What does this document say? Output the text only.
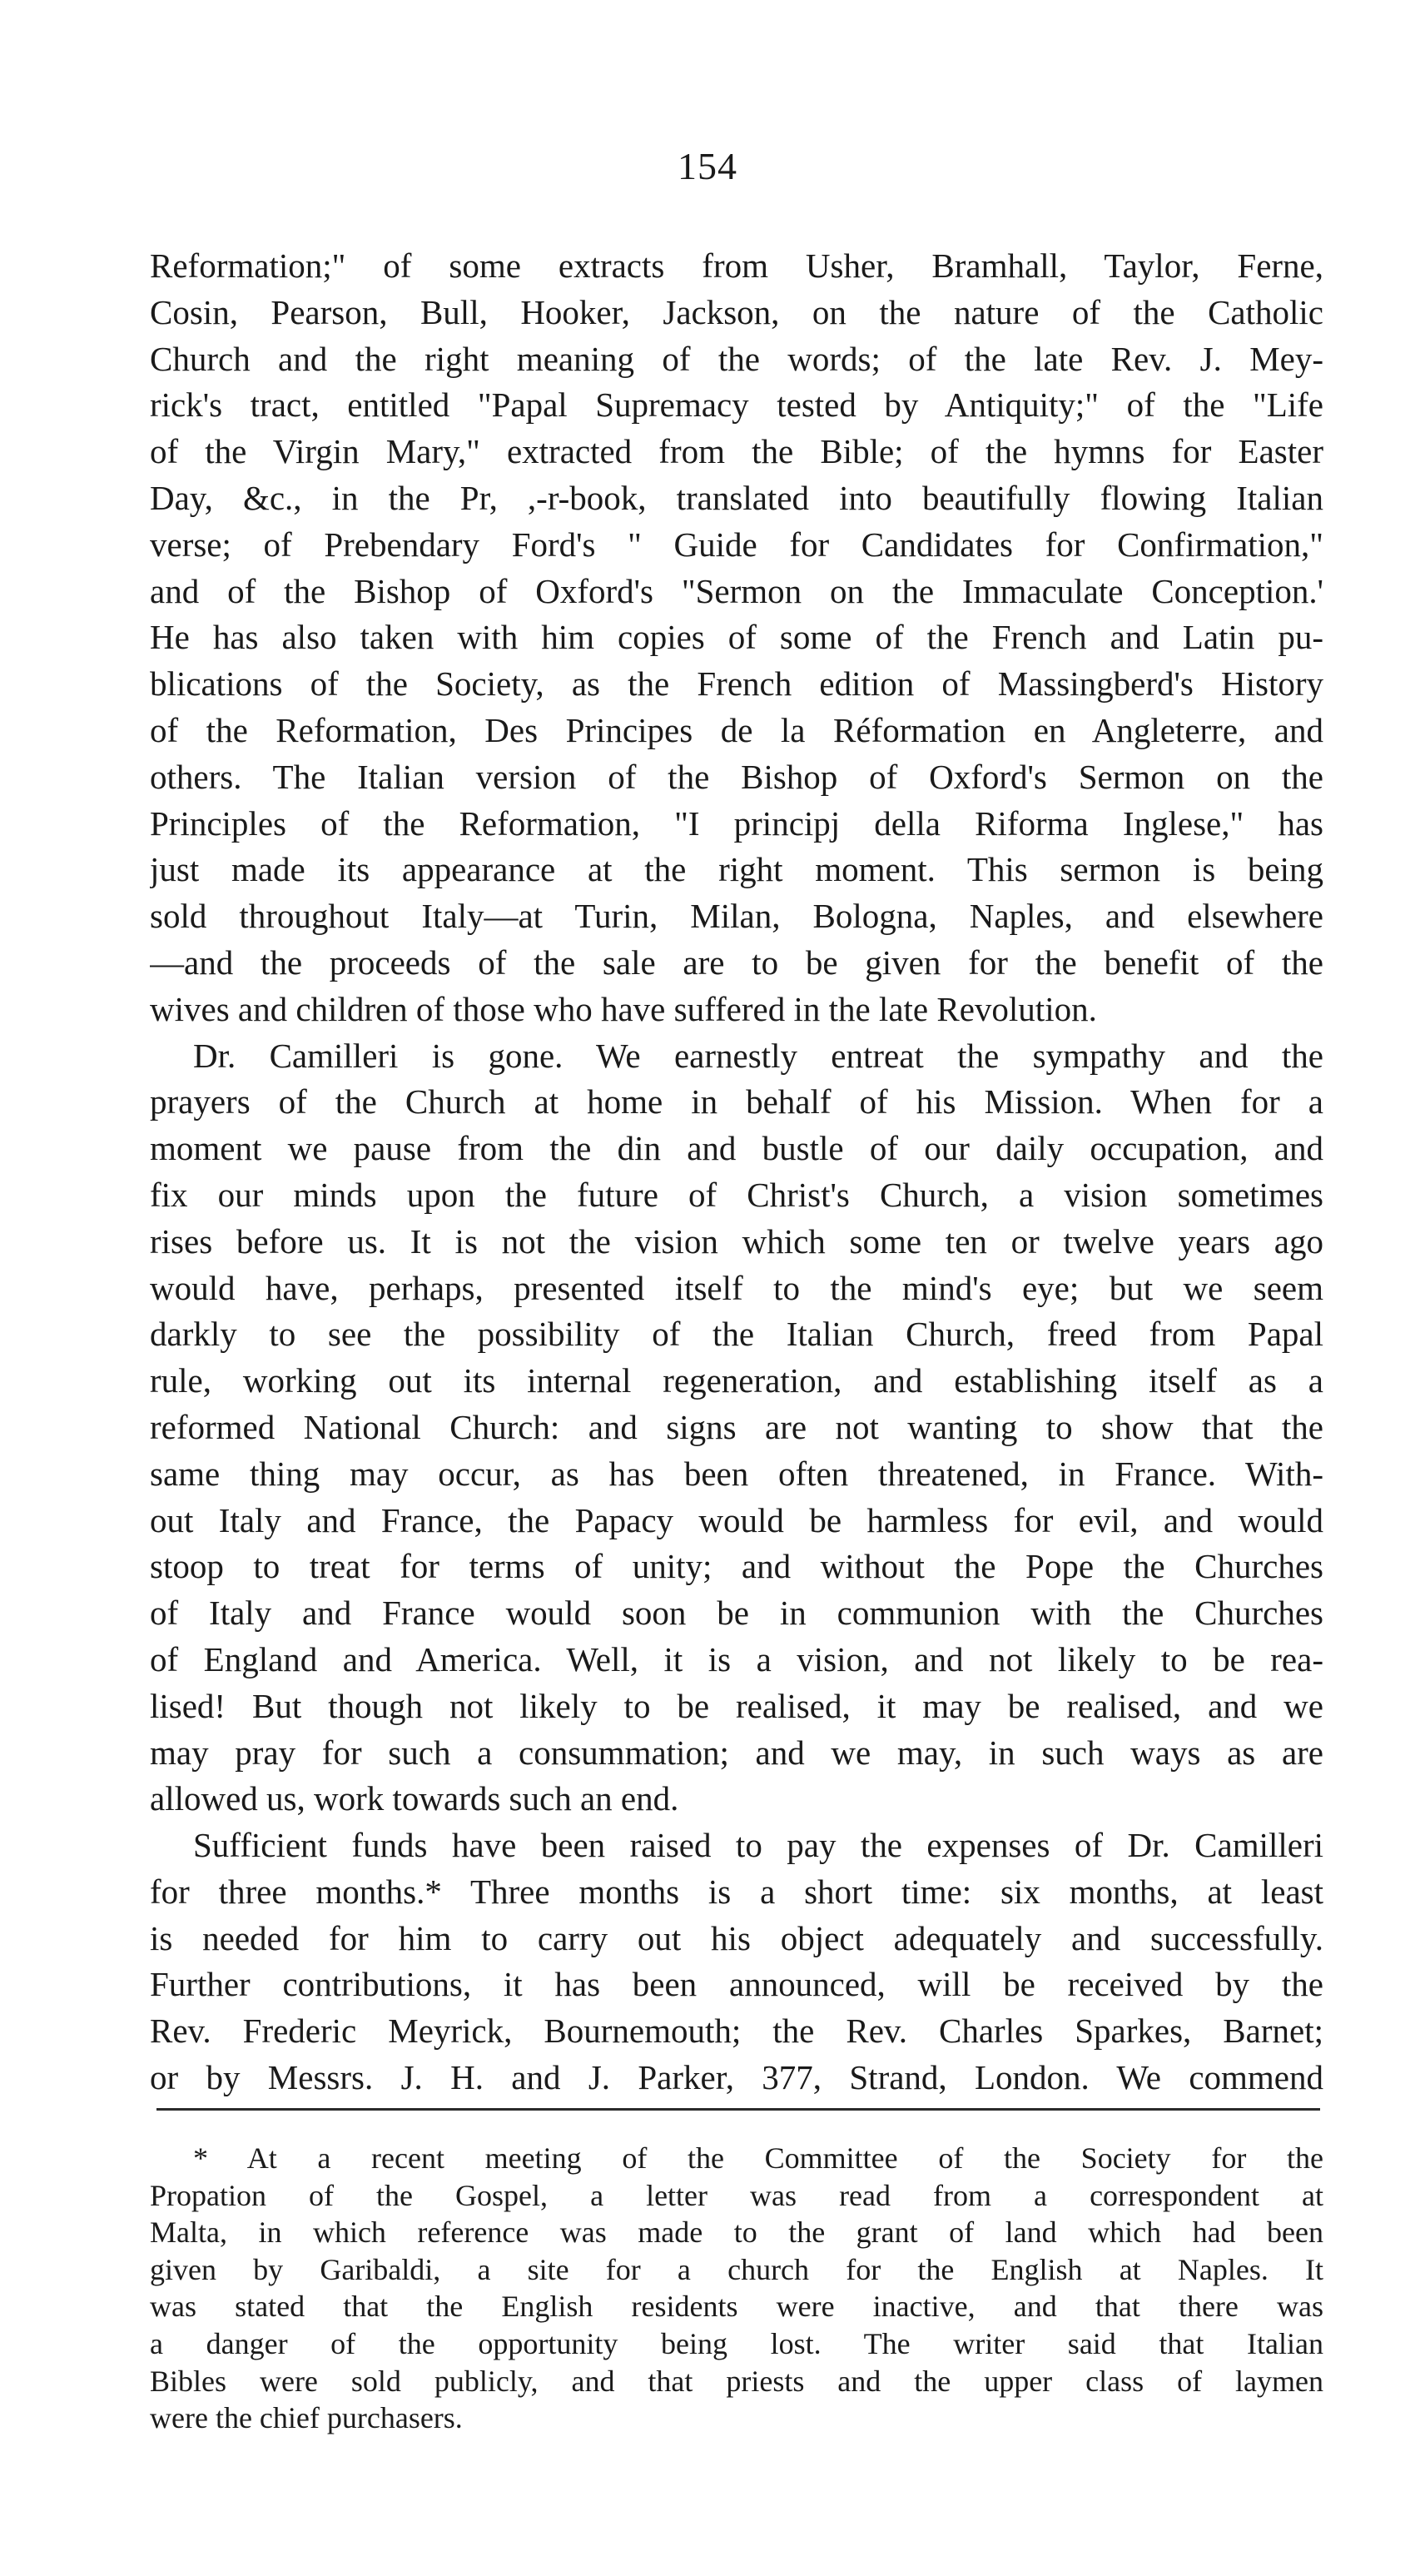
154
Reformation;" of some extracts from Usher, Bramhall, Taylor, Ferne,
Cosin, Pearson, Bull, Hooker, Jackson, on the nature of the Catholic
Church and the right meaning of the words; of the late Rev. J. Mey-
rick's tract, entitled "Papal Supremacy tested by Antiquity;" of the "Life
of the Virgin Mary," extracted from the Bible; of the hymns for Easter
Day, &c., in the Pr, ,-r-book, translated into beautifully flowing Italian
verse; of Prebendary Ford's " Guide for Candidates for Confirmation,"
and of the Bishop of Oxford's "Sermon on the Immaculate Conception.'
He has also taken with him copies of some of the French and Latin pu-
blications of the Society, as the French edition of Massingberd's History
of the Reformation, Des Principes de la Réformation en Angleterre, and
others. The Italian version of the Bishop of Oxford's Sermon on the
Principles of the Reformation, "I principj della Riforma Inglese," has
just made its appearance at the right moment. This sermon is being
sold throughout Italy—at Turin, Milan, Bologna, Naples, and elsewhere
—and the proceeds of the sale are to be given for the benefit of the
wives and children of those who have suffered in the late Revolution.
Dr. Camilleri is gone. We earnestly entreat the sympathy and the
prayers of the Church at home in behalf of his Mission. When for a
moment we pause from the din and bustle of our daily occupation, and
fix our minds upon the future of Christ's Church, a vision sometimes
rises before us. It is not the vision which some ten or twelve years ago
would have, perhaps, presented itself to the mind's eye; but we seem
darkly to see the possibility of the Italian Church, freed from Papal
rule, working out its internal regeneration, and establishing itself as a
reformed National Church: and signs are not wanting to show that the
same thing may occur, as has been often threatened, in France. With-
out Italy and France, the Papacy would be harmless for evil, and would
stoop to treat for terms of unity; and without the Pope the Churches
of Italy and France would soon be in communion with the Churches
of England and America. Well, it is a vision, and not likely to be rea-
lised! But though not likely to be realised, it may be realised, and we
may pray for such a consummation; and we may, in such ways as are
allowed us, work towards such an end.
Sufficient funds have been raised to pay the expenses of Dr. Camilleri
for three months.* Three months is a short time: six months, at least
is needed for him to carry out his object adequately and successfully.
Further contributions, it has been announced, will be received by the
Rev. Frederic Meyrick, Bournemouth; the Rev. Charles Sparkes, Barnet;
or by Messrs. J. H. and J. Parker, 377, Strand, London. We commend
* At a recent meeting of the Committee of the Society for the
Propation of the Gospel, a letter was read from a correspondent at
Malta, in which reference was made to the grant of land which had been
given by Garibaldi, a site for a church for the English at Naples. It
was stated that the English residents were inactive, and that there was
a danger of the opportunity being lost. The writer said that Italian
Bibles were sold publicly, and that priests and the upper class of laymen
were the chief purchasers.
